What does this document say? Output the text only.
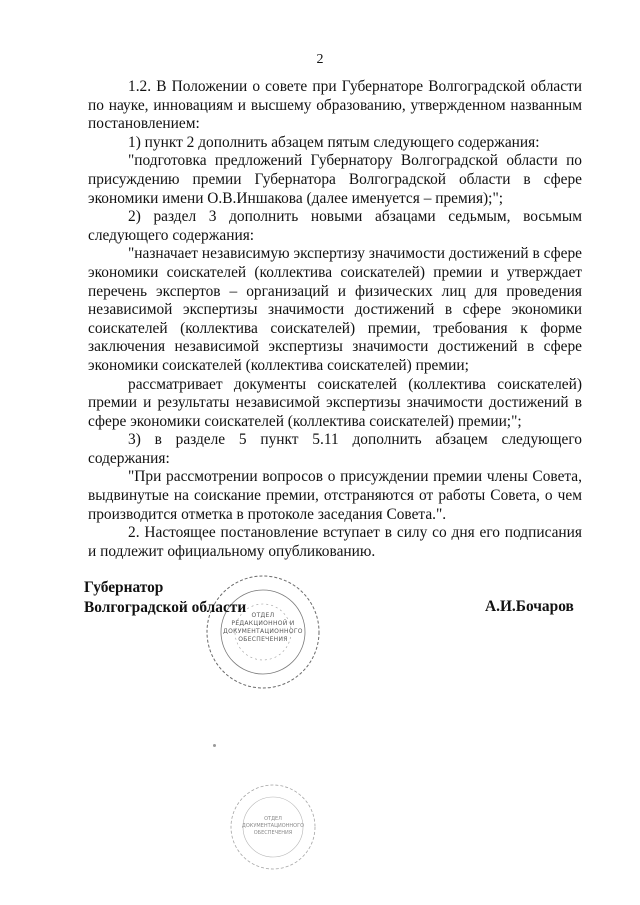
2

1.2. В Положении о совете при Губернаторе Волгоградской области по науке, инновациям и высшему образованию, утвержденном названным постановлением:

1) пункт 2 дополнить абзацем пятым следующего содержания:

"подготовка предложений Губернатору Волгоградской области по присуждению премии Губернатора Волгоградской области в сфере экономики имени О.В.Иншакова (далее именуется – премия);";

2) раздел 3 дополнить новыми абзацами седьмым, восьмым следующего содержания:

"назначает независимую экспертизу значимости достижений в сфере экономики соискателей (коллектива соискателей) премии и утверждает перечень экспертов – организаций и физических лиц для проведения независимой экспертизы значимости достижений в сфере экономики соискателей (коллектива соискателей) премии, требования к форме заключения независимой экспертизы значимости достижений в сфере экономики соискателей (коллектива соискателей) премии;

рассматривает документы соискателей (коллектива соискателей) премии и результаты независимой экспертизы значимости достижений в сфере экономики соискателей (коллектива соискателей) премии;";

3) в разделе 5 пункт 5.11 дополнить абзацем следующего содержания:

"При рассмотрении вопросов о присуждении премии члены Совета, выдвинутые на соискание премии, отстраняются от работы Совета, о чем производится отметка в протоколе заседания Совета.".

2. Настоящее постановление вступает в силу со дня его подписания и подлежит официальному опубликованию.

ОТДЕЛ
РЕДАКЦИОННОЙ И
ДОКУМЕНТАЦИОННОГО
ОБЕСПЕЧЕНИЯ
Губернатор
Волгоградской области	А.И.Бочаров
ОТДЕЛ
ДОКУМЕНТАЦИОННОГО
ОБЕСПЕЧЕНИЯ
